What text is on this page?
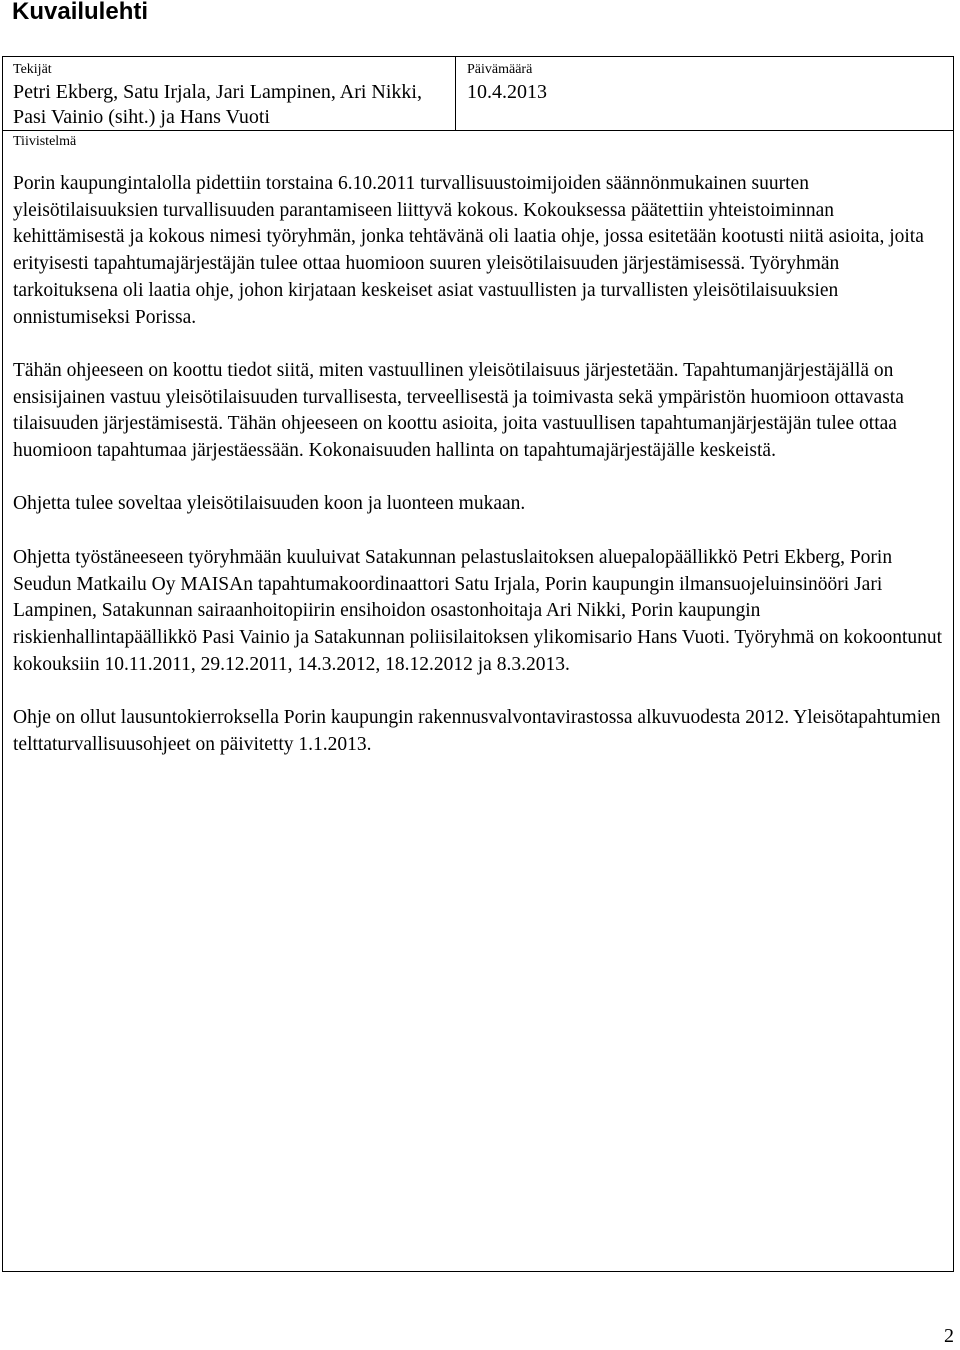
Kuvailulehti
Tekijät
Petri Ekberg, Satu Irjala, Jari Lampinen, Ari Nikki, Pasi Vainio (siht.) ja Hans Vuoti
Päivämäärä
10.4.2013
Tiivistelmä

Porin kaupungintalolla pidettiin torstaina 6.10.2011 turvallisuustoimijoiden säännönmukainen suurten yleisötilaisuuksien turvallisuuden parantamiseen liittyvä kokous. Kokouksessa päätettiin yhteistoiminnan kehittämisestä ja kokous nimesi työryhmän, jonka tehtävänä oli laatia ohje, jossa esitetään kootusti niitä asioita, joita erityisesti tapahtumajärjestäjän tulee ottaa huomioon suuren yleisötilaisuuden järjestämisessä. Työryhmän tarkoituksena oli laatia ohje, johon kirjataan keskeiset asiat vastuullisten ja turvallisten yleisötilaisuuksien onnistumiseksi Porissa.

Tähän ohjeeseen on koottu tiedot siitä, miten vastuullinen yleisötilaisuus järjestetään. Tapahtumanjärjestäjällä on ensisijainen vastuu yleisötilaisuuden turvallisesta, terveellisestä ja toimivasta sekä ympäristön huomioon ottavasta tilaisuuden järjestämisestä. Tähän ohjeeseen on koottu asioita, joita vastuullisen tapahtumanjärjestäjän tulee ottaa huomioon tapahtumaa järjestäessään. Kokonaisuuden hallinta on tapahtumajärjestäjälle keskeistä.

Ohjetta tulee soveltaa yleisötilaisuuden koon ja luonteen mukaan.

Ohjetta työstäneeseen työryhmään kuuluivat Satakunnan pelastuslaitoksen aluepalopäällikkö Petri Ekberg, Porin Seudun Matkailu Oy MAISAn tapahtumakoordinaattori Satu Irjala, Porin kaupungin ilmansuojeluinsinööri Jari Lampinen, Satakunnan sairaanhoitopiirin ensihoidon osastonhoitaja Ari Nikki, Porin kaupungin riskienhallintapäällikkö Pasi Vainio ja Satakunnan poliisilaitoksen ylikomisario Hans Vuoti. Työryhmä on kokoontunut kokouksiin 10.11.2011, 29.12.2011, 14.3.2012, 18.12.2012 ja 8.3.2013.

Ohje on ollut lausuntokierroksella Porin kaupungin rakennusvalvontavirastossa alkuvuodesta 2012. Yleisötapahtumien telttaturvallisuusohjeet on päivitetty 1.1.2013.

2
